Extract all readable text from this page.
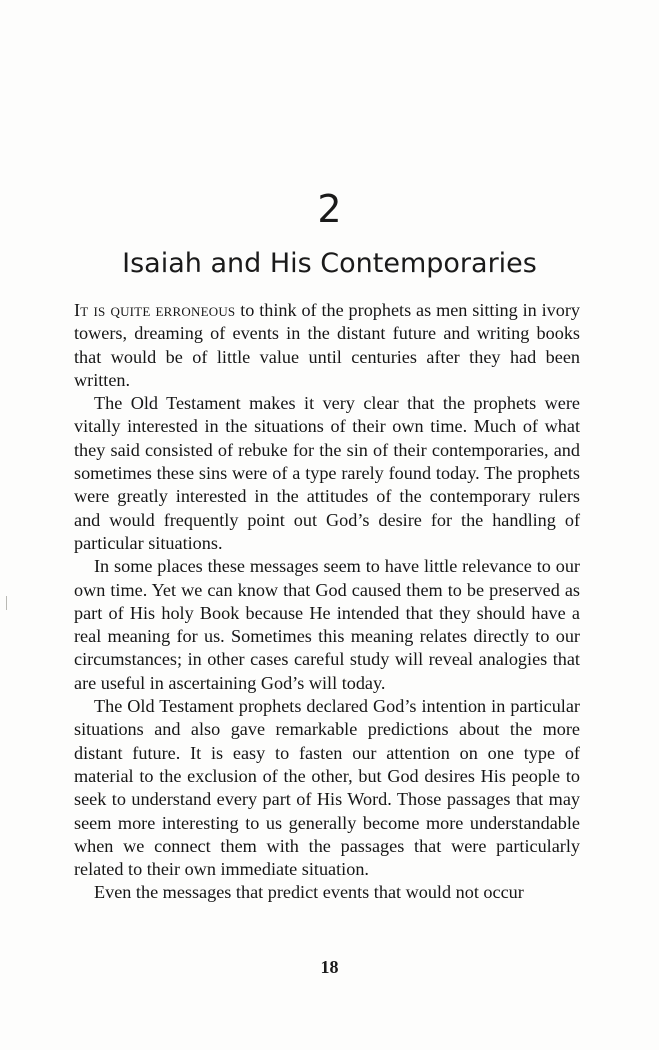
2
Isaiah and His Contemporaries

It is quite erroneous to think of the prophets as men sitting in ivory towers, dreaming of events in the distant future and writing books that would be of little value until centuries after they had been written.

The Old Testament makes it very clear that the prophets were vitally interested in the situations of their own time. Much of what they said consisted of rebuke for the sin of their contemporaries, and sometimes these sins were of a type rarely found today. The prophets were greatly interested in the attitudes of the contemporary rulers and would frequently point out God’s desire for the handling of particular situations.

In some places these messages seem to have little relevance to our own time. Yet we can know that God caused them to be preserved as part of His holy Book because He intended that they should have a real meaning for us. Sometimes this meaning relates directly to our circumstances; in other cases careful study will reveal analogies that are useful in ascertaining God’s will today.

The Old Testament prophets declared God’s intention in particular situations and also gave remarkable predictions about the more distant future. It is easy to fasten our attention on one type of material to the exclusion of the other, but God desires His people to seek to understand every part of His Word. Those passages that may seem more interesting to us generally become more understandable when we connect them with the passages that were particularly related to their own immediate situation.

Even the messages that predict events that would not occur

18
